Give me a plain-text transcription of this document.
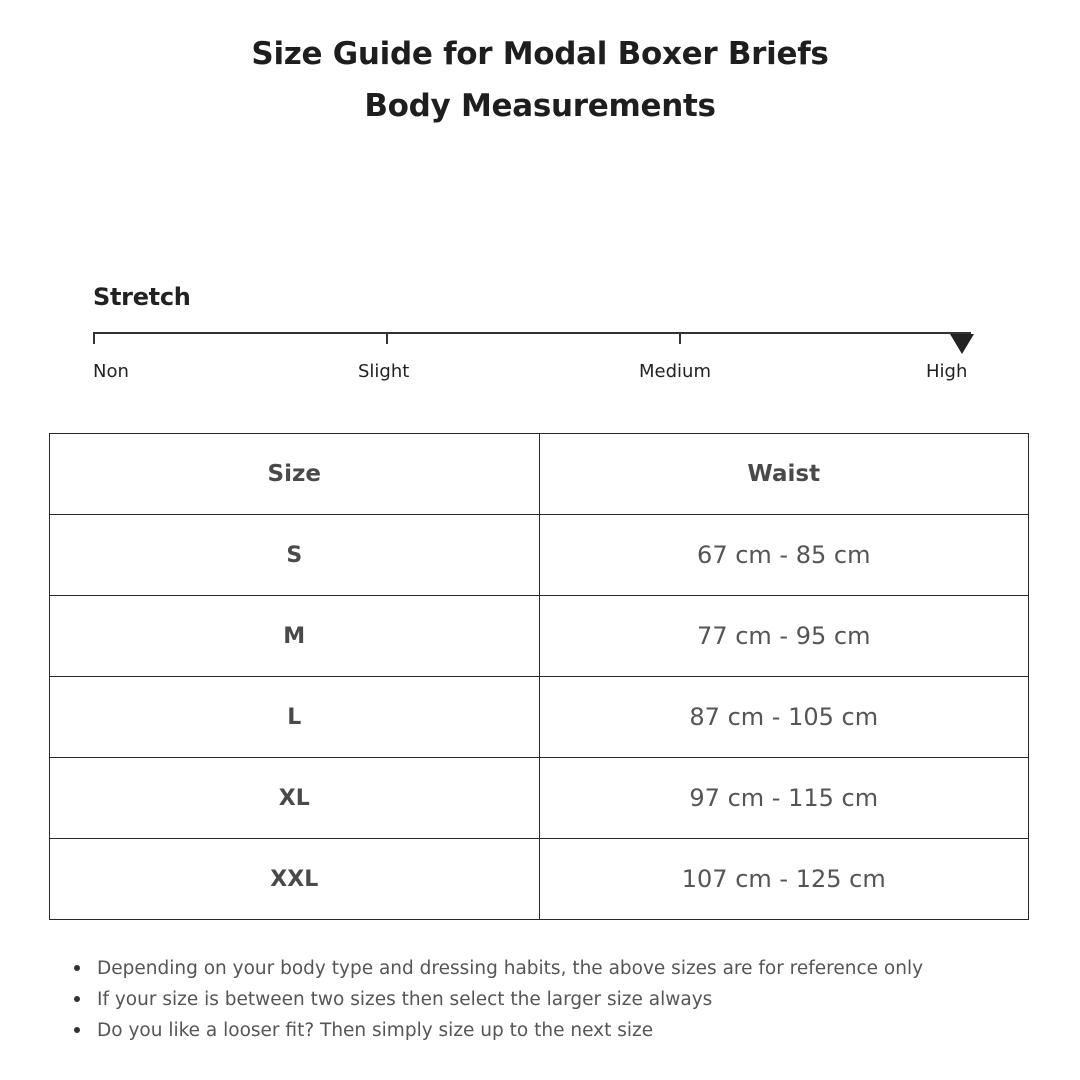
Size Guide for Modal Boxer Briefs
Body Measurements
Stretch
Non	Slight	Medium	High
Size	Waist
S	67 cm - 85 cm
M	77 cm - 95 cm
L	87 cm - 105 cm
XL	97 cm - 115 cm
XXL	107 cm - 125 cm
Depending on your body type and dressing habits, the above sizes are for reference only
If your size is between two sizes then select the larger size always
Do you like a looser fit? Then simply size up to the next size
